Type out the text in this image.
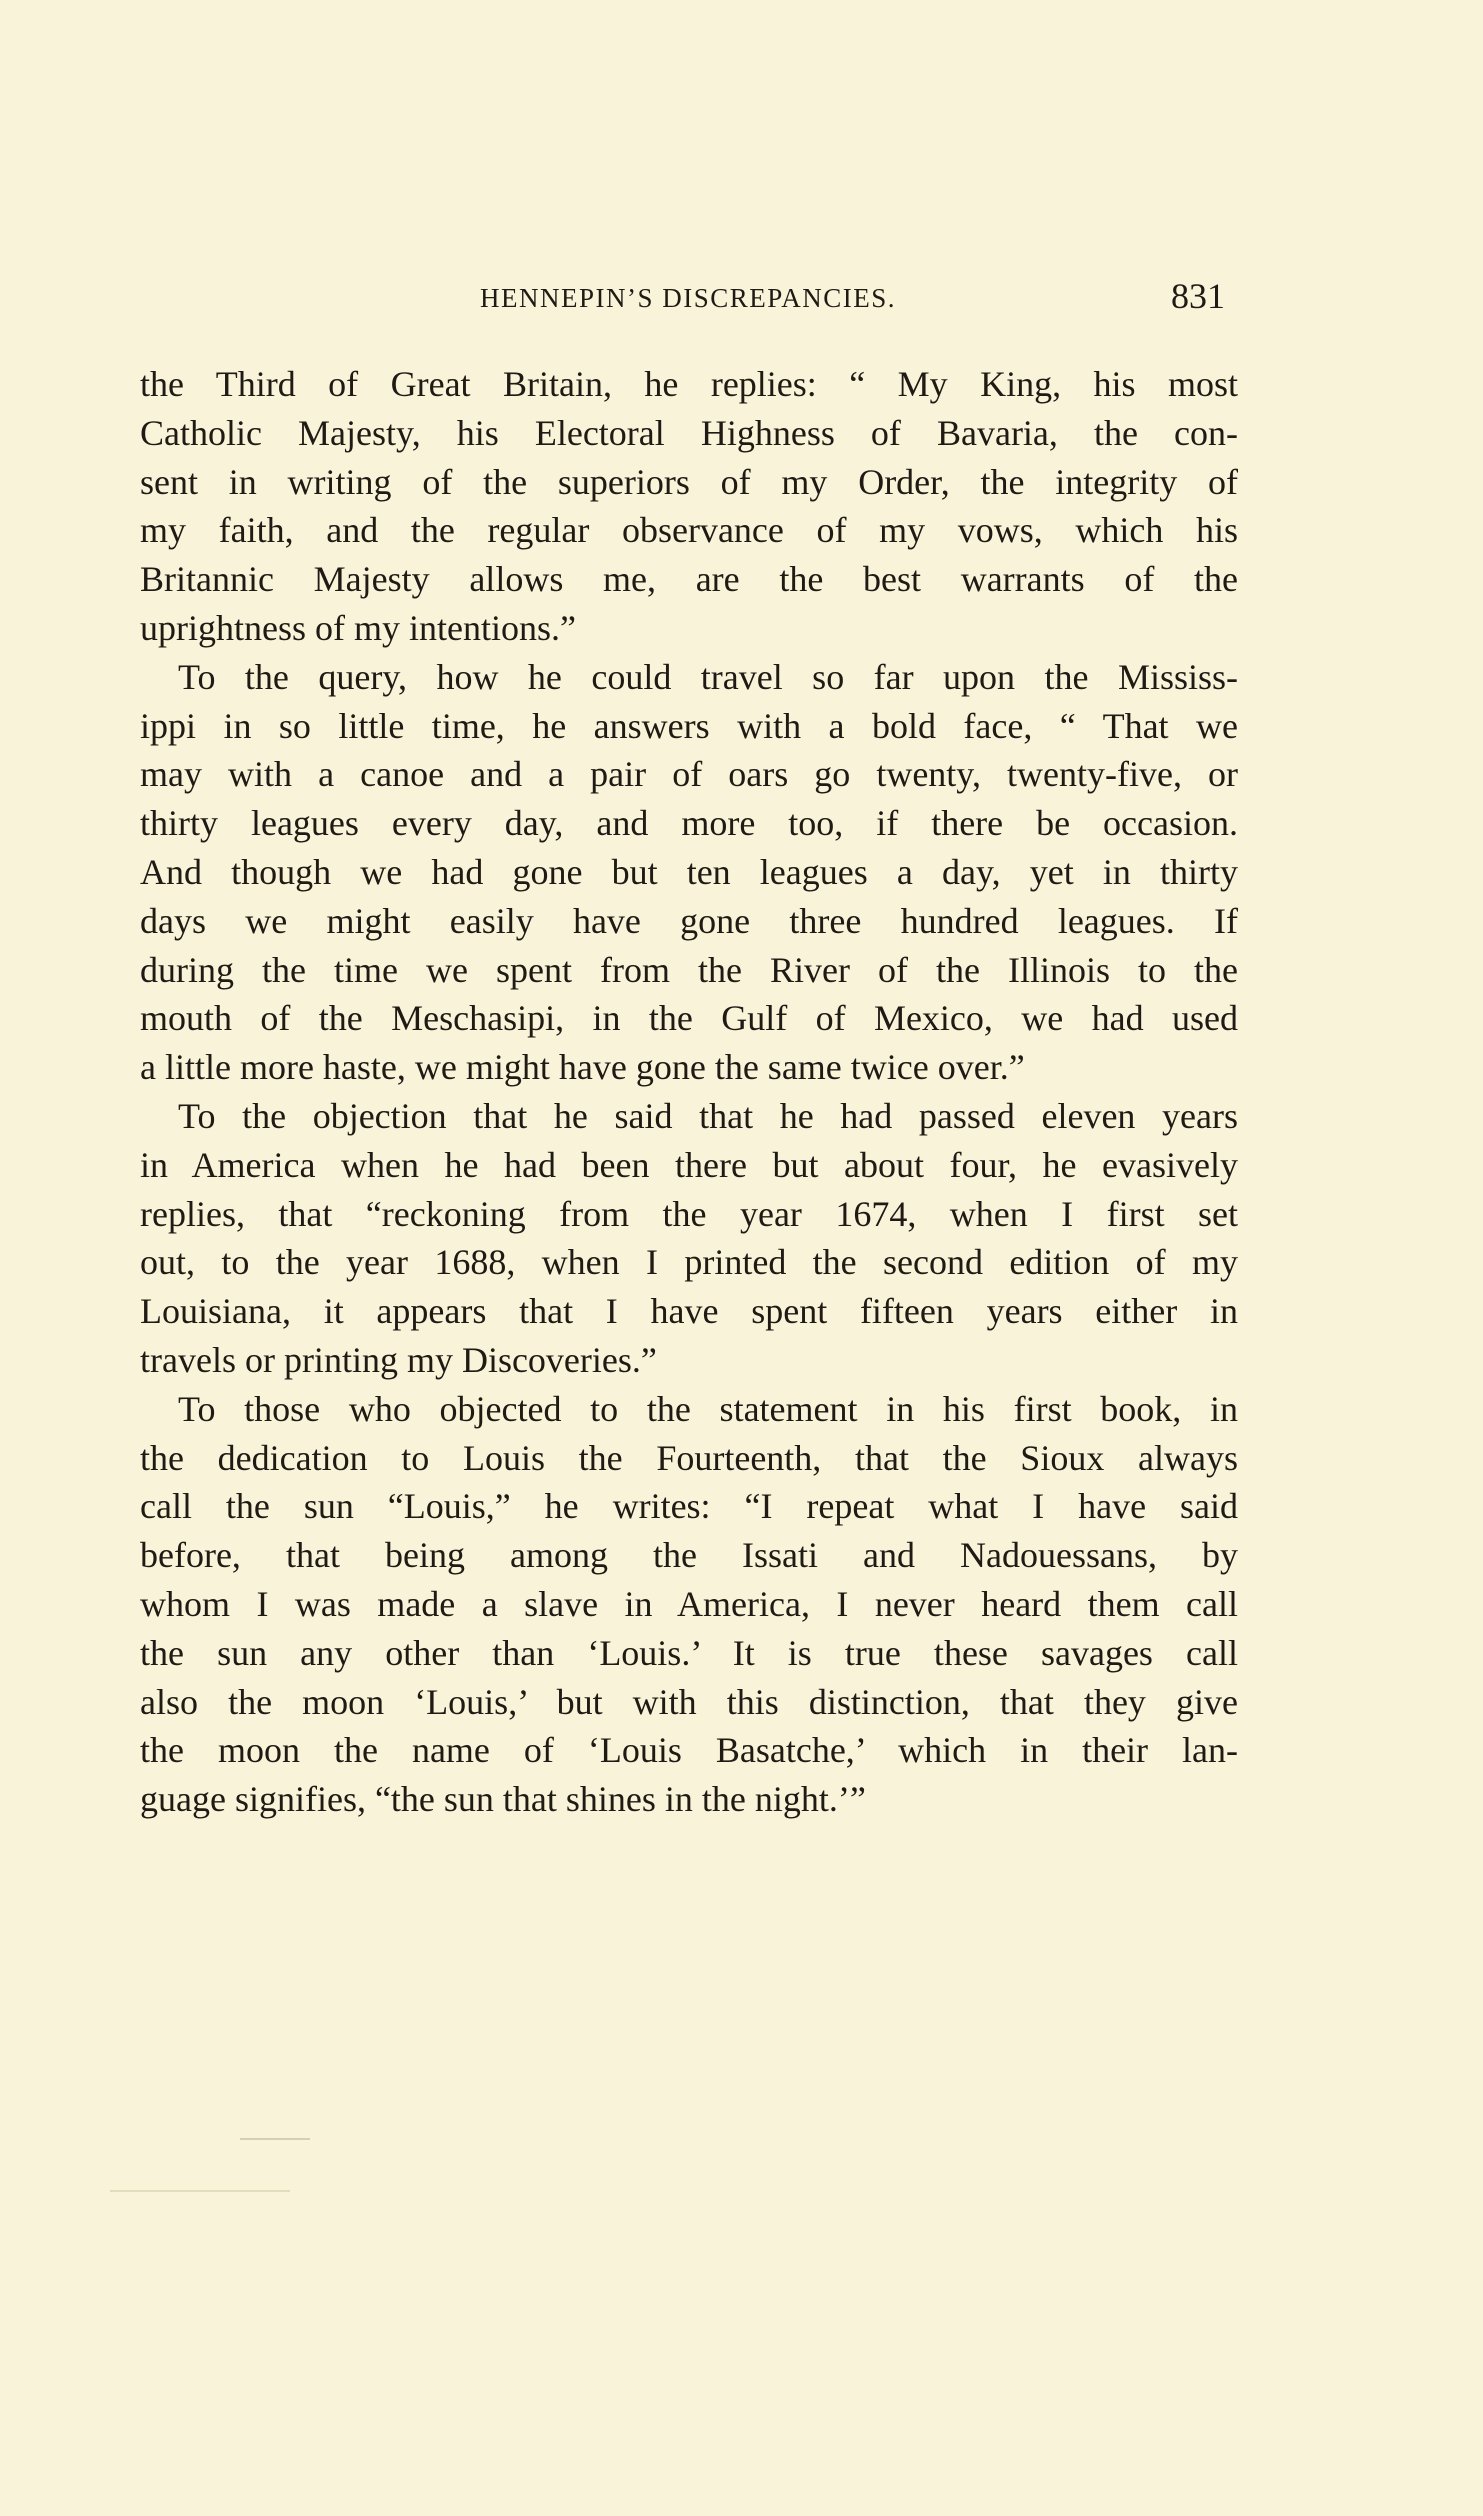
HENNEPIN’S DISCREPANCIES.	831
the Third of Great Britain, he replies: “ My King, his most
Catholic Majesty, his Electoral Highness of Bavaria, the con-
sent in writing of the superiors of my Order, the integrity of
my faith, and the regular observance of my vows, which his
Britannic Majesty allows me, are the best warrants of the
uprightness of my intentions.”
To the query, how he could travel so far upon the Mississ-
ippi in so little time, he answers with a bold face, “ That we
may with a canoe and a pair of oars go twenty, twenty-five, or
thirty leagues every day, and more too, if there be occasion.
And though we had gone but ten leagues a day, yet in thirty
days we might easily have gone three hundred leagues. If
during the time we spent from the River of the Illinois to the
mouth of the Meschasipi, in the Gulf of Mexico, we had used
a little more haste, we might have gone the same twice over.”
To the objection that he said that he had passed eleven years
in America when he had been there but about four, he evasively
replies, that “reckoning from the year 1674, when I first set
out, to the year 1688, when I printed the second edition of my
Louisiana, it appears that I have spent fifteen years either in
travels or printing my Discoveries.”
To those who objected to the statement in his first book, in
the dedication to Louis the Fourteenth, that the Sioux always
call the sun “Louis,” he writes: “I repeat what I have said
before, that being among the Issati and Nadouessans, by
whom I was made a slave in America, I never heard them call
the sun any other than ‘Louis.’ It is true these savages call
also the moon ‘Louis,’ but with this distinction, that they give
the moon the name of ‘Louis Basatche,’ which in their lan-
guage signifies, “the sun that shines in the night.’”
